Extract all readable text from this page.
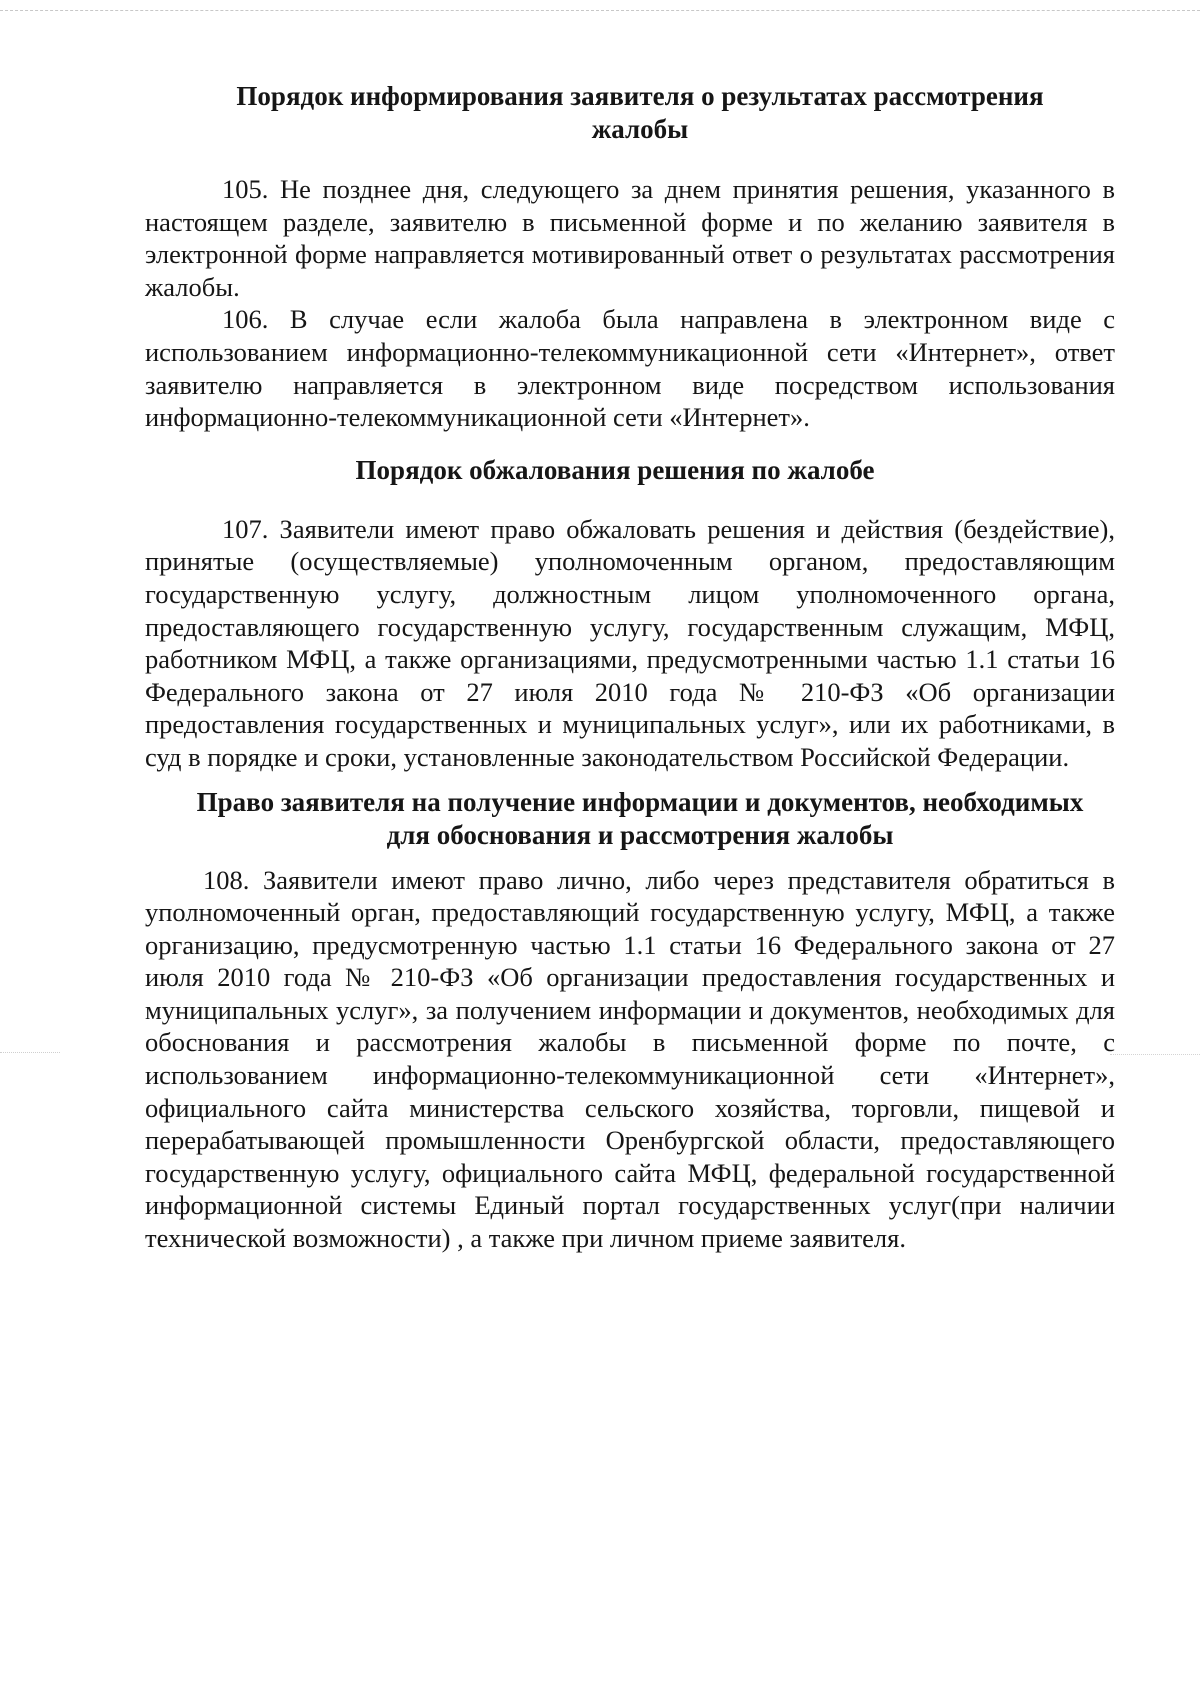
Порядок информирования заявителя о результатах рассмотрения жалобы

105. Не позднее дня, следующего за днем принятия решения, указанного в настоящем разделе, заявителю в письменной форме и по желанию заявителя в электронной форме направляется мотивированный ответ о результатах рассмотрения жалобы.

106. В случае если жалоба была направлена в электронном виде с использованием информационно-телекоммуникационной сети «Интернет», ответ заявителю направляется в электронном виде посредством использования информационно-телекоммуникационной сети «Интернет».

Порядок обжалования решения по жалобе

107. Заявители имеют право обжаловать решения и действия (бездействие), принятые (осуществляемые) уполномоченным органом, предоставляющим государственную услугу, должностным лицом уполномоченного органа, предоставляющего государственную услугу, государственным служащим, МФЦ, работником МФЦ, а также организациями, предусмотренными частью 1.1 статьи 16 Федерального закона от 27 июля 2010 года № 210-ФЗ «Об организации предоставления государственных и муниципальных услуг», или их работниками, в суд в порядке и сроки, установленные законодательством Российской Федерации.

Право заявителя на получение информации и документов, необходимых для обоснования и рассмотрения жалобы

108. Заявители имеют право лично, либо через представителя обратиться в уполномоченный орган, предоставляющий государственную услугу, МФЦ, а также организацию, предусмотренную частью 1.1 статьи 16 Федерального закона от 27 июля 2010 года № 210-ФЗ «Об организации предоставления государственных и муниципальных услуг», за получением информации и документов, необходимых для обоснования и рассмотрения жалобы в письменной форме по почте, с использованием информационно-телекоммуникационной сети «Интернет», официального сайта министерства сельского хозяйства, торговли, пищевой и перерабатывающей промышленности Оренбургской области, предоставляющего государственную услугу, официального сайта МФЦ, федеральной государственной информационной системы Единый портал государственных услуг(при наличии технической возможности) , а также при личном приеме заявителя.
